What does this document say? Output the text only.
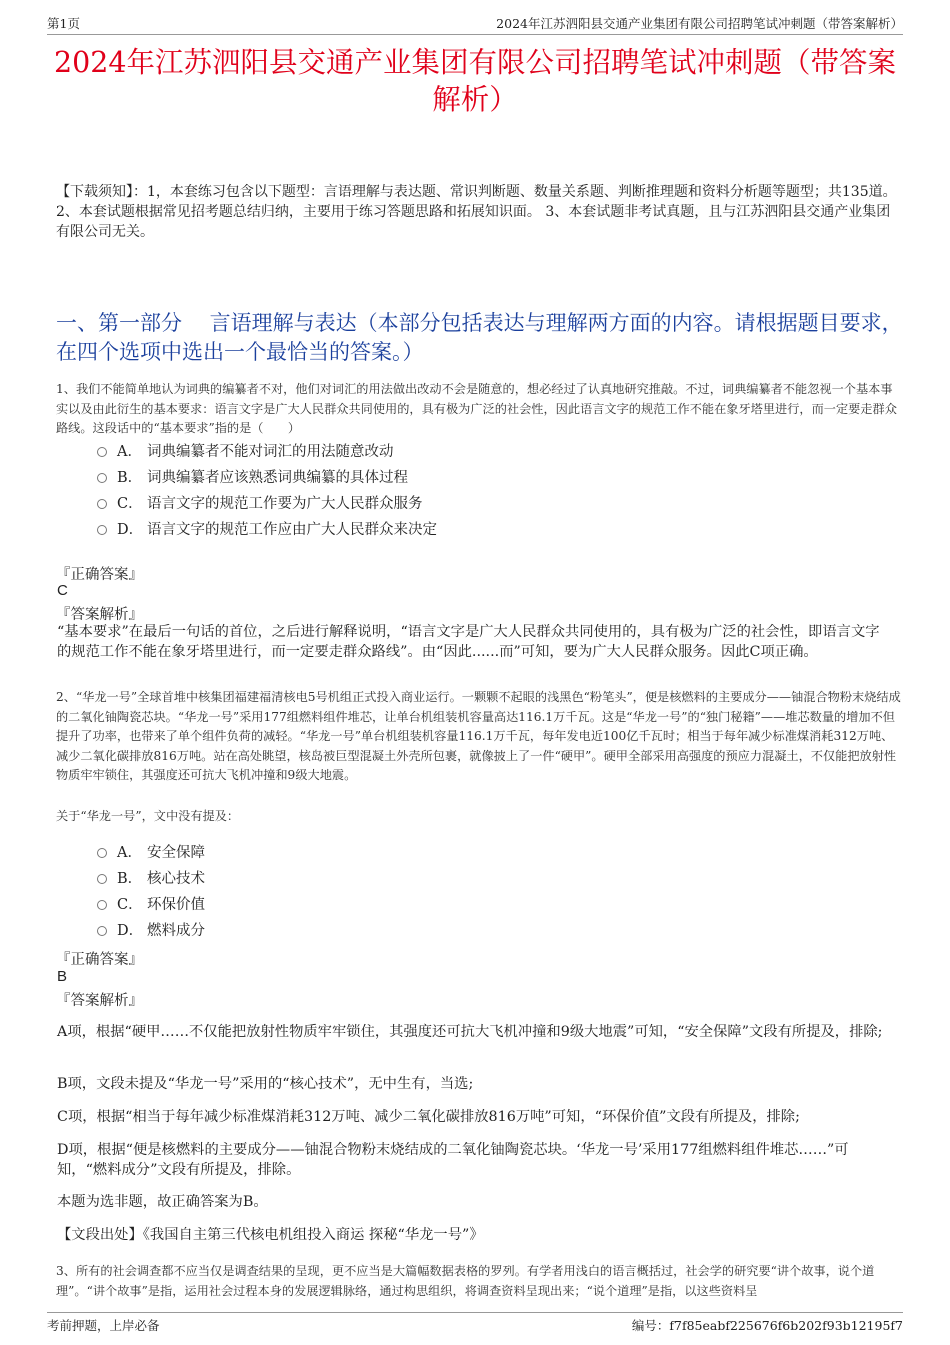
第1页	2024年江苏泗阳县交通产业集团有限公司招聘笔试冲刺题（带答案解析）
2024年江苏泗阳县交通产业集团有限公司招聘笔试冲刺题（带答案解析）
【下载须知】：1，本套练习包含以下题型：言语理解与表达题、常识判断题、数量关系题、判断推理题和资料分析题等题型；共135道。 2、本套试题根据常见招考题总结归纳，主要用于练习答题思路和拓展知识面。 3、本套试题非考试真题，且与江苏泗阳县交通产业集团有限公司无关。
一、第一部分　 言语理解与表达（本部分包括表达与理解两方面的内容。请根据题目要求，在四个选项中选出一个最恰当的答案。）
1、我们不能简单地认为词典的编纂者不对，他们对词汇的用法做出改动不会是随意的，想必经过了认真地研究推敲。不过，词典编纂者不能忽视一个基本事实以及由此衍生的基本要求：语言文字是广大人民群众共同使用的，具有极为广泛的社会性，因此语言文字的规范工作不能在象牙塔里进行，而一定要走群众路线。这段话中的“基本要求”指的是（　　）
A． 词典编纂者不能对词汇的用法随意改动
B． 词典编纂者应该熟悉词典编纂的具体过程
C． 语言文字的规范工作要为广大人民群众服务
D． 语言文字的规范工作应由广大人民群众来决定
『正确答案』
C
『答案解析』
“基本要求”在最后一句话的首位，之后进行解释说明，“语言文字是广大人民群众共同使用的，具有极为广泛的社会性，即语言文字的规范工作不能在象牙塔里进行，而一定要走群众路线”。由“因此......而”可知，要为广大人民群众服务。因此C项正确。
2、“华龙一号”全球首堆中核集团福建福清核电5号机组正式投入商业运行。一颗颗不起眼的浅黑色“粉笔头”，便是核燃料的主要成分——铀混合物粉末烧结成的二氧化铀陶瓷芯块。“华龙一号”采用177组燃料组件堆芯，让单台机组装机容量高达116.1万千瓦。这是“华龙一号”的“独门秘籍”——堆芯数量的增加不但提升了功率，也带来了单个组件负荷的减轻。“华龙一号”单台机组装机容量116.1万千瓦，每年发电近100亿千瓦时；相当于每年减少标准煤消耗312万吨、减少二氧化碳排放816万吨。站在高处眺望，核岛被巨型混凝土外壳所包裹，就像披上了一件“硬甲”。硬甲全部采用高强度的预应力混凝土，不仅能把放射性物质牢牢锁住，其强度还可抗大飞机冲撞和9级大地震。
关于“华龙一号”，文中没有提及：
A． 安全保障
B． 核心技术
C． 环保价值
D． 燃料成分
『正确答案』
B
『答案解析』
A项，根据“硬甲……不仅能把放射性物质牢牢锁住，其强度还可抗大飞机冲撞和9级大地震”可知，“安全保障”文段有所提及，排除;
B项，文段未提及“华龙一号”采用的“核心技术”，无中生有，当选;
C项，根据“相当于每年减少标准煤消耗312万吨、减少二氧化碳排放816万吨”可知，“环保价值”文段有所提及，排除;
D项，根据“便是核燃料的主要成分——铀混合物粉末烧结成的二氧化铀陶瓷芯块。‘华龙一号’采用177组燃料组件堆芯……”可知，“燃料成分”文段有所提及，排除。
本题为选非题，故正确答案为B。
【文段出处】《我国自主第三代核电机组投入商运 探秘“华龙一号”》
3、所有的社会调查都不应当仅是调查结果的呈现，更不应当是大篇幅数据表格的罗列。有学者用浅白的语言概括过，社会学的研究要“讲个故事，说个道理”。“讲个故事”是指，运用社会过程本身的发展逻辑脉络，通过构思组织，将调查资料呈现出来；“说个道理”是指，以这些资料呈
考前押题，上岸必备	编号：f7f85eabf225676f6b202f93b12195f7
